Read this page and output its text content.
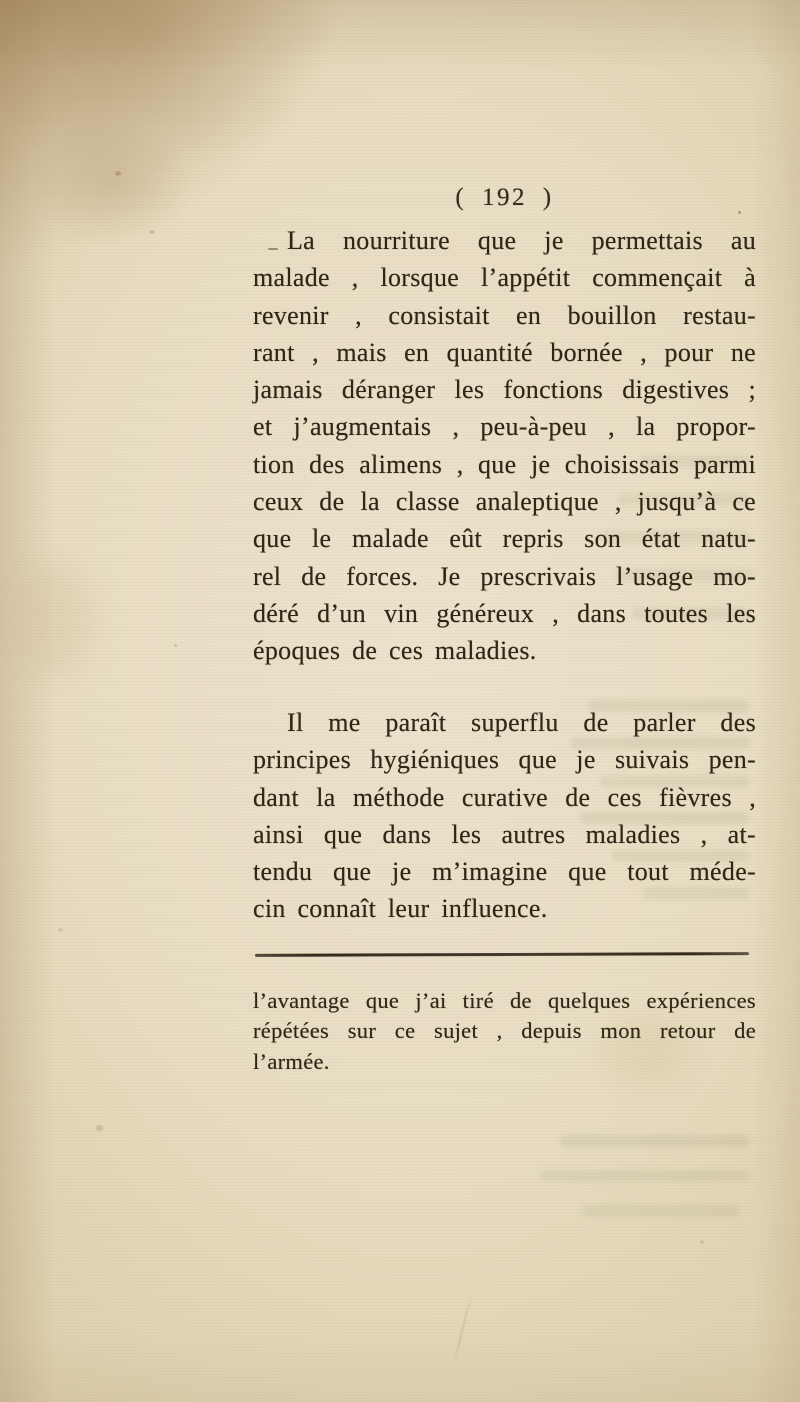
( 192 )
La nourriture que je permettais au
malade , lorsque l’appétit commençait à
revenir , consistait en bouillon restau-
rant , mais en quantité bornée , pour ne
jamais déranger les fonctions digestives ;
et j’augmentais , peu-à-peu , la propor-
tion des alimens , que je choisissais parmi
ceux de la classe analeptique , jusqu’à ce
que le malade eût repris son état natu-
rel de forces. Je prescrivais l’usage mo-
déré d’un vin généreux , dans toutes les
époques de ces maladies.
Il me paraît superflu de parler des
principes hygiéniques que je suivais pen-
dant la méthode curative de ces fièvres ,
ainsi que dans les autres maladies , at-
tendu que je m’imagine que tout méde-
cin connaît leur influence.
l’avantage que j’ai tiré de quelques expériences
répétées sur ce sujet , depuis mon retour de
l’armée.
